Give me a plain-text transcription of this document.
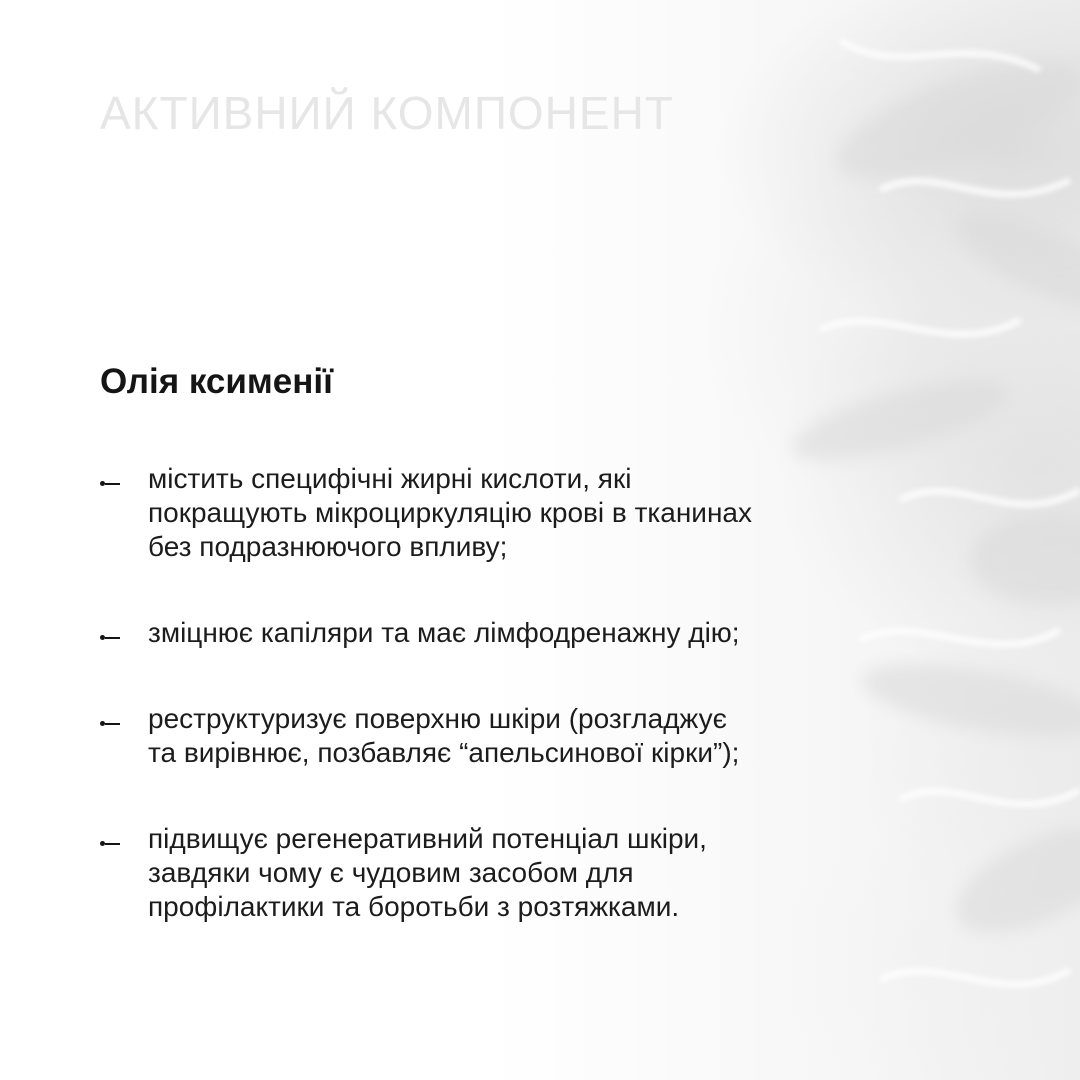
АКТИВНИЙ КОМПОНЕНТ
Олія ксименії
містить специфічні жирні кислоти, які
покращують мікроциркуляцію крові в тканинах
без подразнюючого впливу;
зміцнює капіляри та має лімфодренажну дію;
реструктуризує поверхню шкіри (розгладжує
та вирівнює, позбавляє “апельсинової кірки”);
підвищує регенеративний потенціал шкіри,
завдяки чому є чудовим засобом для
профілактики та боротьби з розтяжками.
